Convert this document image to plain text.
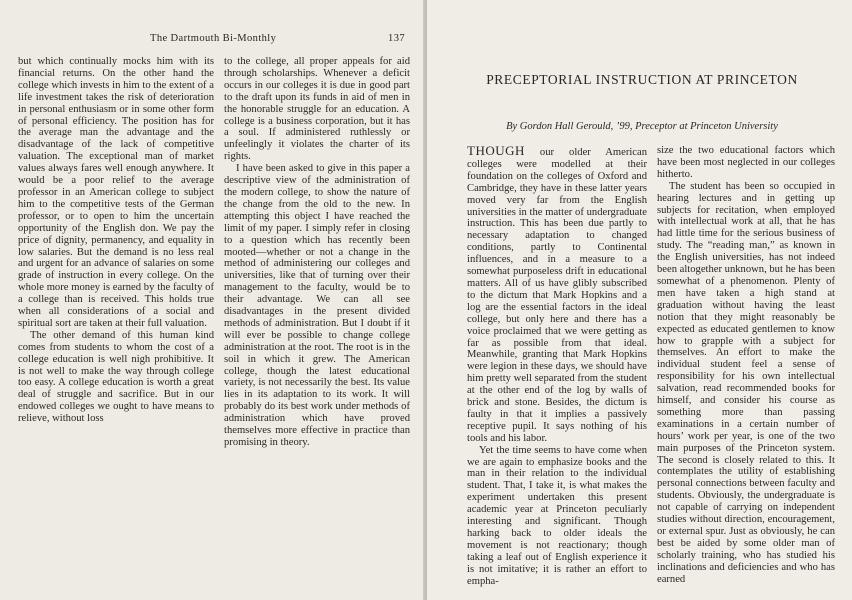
The Dartmouth Bi-Monthly	137

but which continually mocks him with its financial returns. On the other hand the college which invests in him to the extent of a life investment takes the risk of deterioration in personal enthusiasm or in some other form of personal efficiency. The position has for the average man the advantage and the disadvantage of the lack of competitive valuation. The exceptional man of market values always fares well enough anywhere. It would be a poor relief to the average professor in an American college to subject him to the competitive tests of the German professor, or to open to him the uncertain opportunity of the English don. We pay the price of dignity, permanency, and equality in low salaries. But the demand is no less real and urgent for an advance of salaries on some grade of instruction in every college. On the whole more money is earned by the faculty of a college than is received. This holds true when all considerations of a social and spiritual sort are taken at their full valuation.

The other demand of this human kind comes from students to whom the cost of a college education is well nigh prohibitive. It is not well to make the way through college too easy. A college education is worth a great deal of struggle and sacrifice. But in our endowed colleges we ought to have means to relieve, without loss

to the college, all proper appeals for aid through scholarships. Whenever a deficit occurs in our colleges it is due in good part to the draft upon its funds in aid of men in the honorable struggle for an education. A college is a business corporation, but it has a soul. If administered ruthlessly or unfeelingly it violates the charter of its rights.

I have been asked to give in this paper a descriptive view of the administration of the modern college, to show the nature of the change from the old to the new. In attempting this object I have reached the limit of my paper. I simply refer in closing to a question which has recently been mooted—whether or not a change in the method of administering our colleges and universities, like that of turning over their management to the faculty, would be to their advantage. We can all see disadvantages in the present divided methods of administration. But I doubt if it will ever be possible to change college administration at the root. The root is in the soil in which it grew. The American college, though the latest educational variety, is not necessarily the best. Its value lies in its adaptation to its work. It will probably do its best work under methods of administration which have proved themselves more effective in practice than promising in theory.

PRECEPTORIAL INSTRUCTION AT PRINCETON
By Gordon Hall Gerould, ’99, Preceptor at Princeton University

THOUGH our older American colleges were modelled at their foundation on the colleges of Oxford and Cambridge, they have in these latter years moved very far from the English universities in the matter of undergraduate instruction. This has been due partly to necessary adaptation to changed conditions, partly to Continental influences, and in a measure to a somewhat purposeless drift in educational matters. All of us have glibly subscribed to the dictum that Mark Hopkins and a log are the essential factors in the ideal college, but only here and there has a voice proclaimed that we were getting as far as possible from that ideal. Meanwhile, granting that Mark Hopkins were legion in these days, we should have him pretty well separated from the student at the other end of the log by walls of brick and stone. Besides, the dictum is faulty in that it implies a passively receptive pupil. It says nothing of his tools and his labor.

Yet the time seems to have come when we are again to emphasize books and the man in their relation to the individual student. That, I take it, is what makes the experiment undertaken this present academic year at Princeton peculiarly interesting and significant. Though harking back to older ideals the movement is not reactionary; though taking a leaf out of English experience it is not imitative; it is rather an effort to empha-

size the two educational factors which have been most neglected in our colleges hitherto.

The student has been so occupied in hearing lectures and in getting up subjects for recitation, when employed with intellectual work at all, that he has had little time for the serious business of study. The “reading man,” as known in the English universities, has not indeed been altogether unknown, but he has been somewhat of a phenomenon. Plenty of men have taken a high stand at graduation without having the least notion that they might reasonably be expected as educated gentlemen to know how to grapple with a subject for themselves. An effort to make the individual student feel a sense of responsibility for his own intellectual salvation, read recommended books for himself, and consider his course as something more than passing examinations in a certain number of hours’ work per year, is one of the two main purposes of the Princeton system. The second is closely related to this. It contemplates the utility of establishing personal connections between faculty and students. Obviously, the undergraduate is not capable of carrying on independent studies without direction, encouragement, or external spur. Just as obviously, he can best be aided by some older man of scholarly training, who has studied his inclinations and deficiencies and who has earned
